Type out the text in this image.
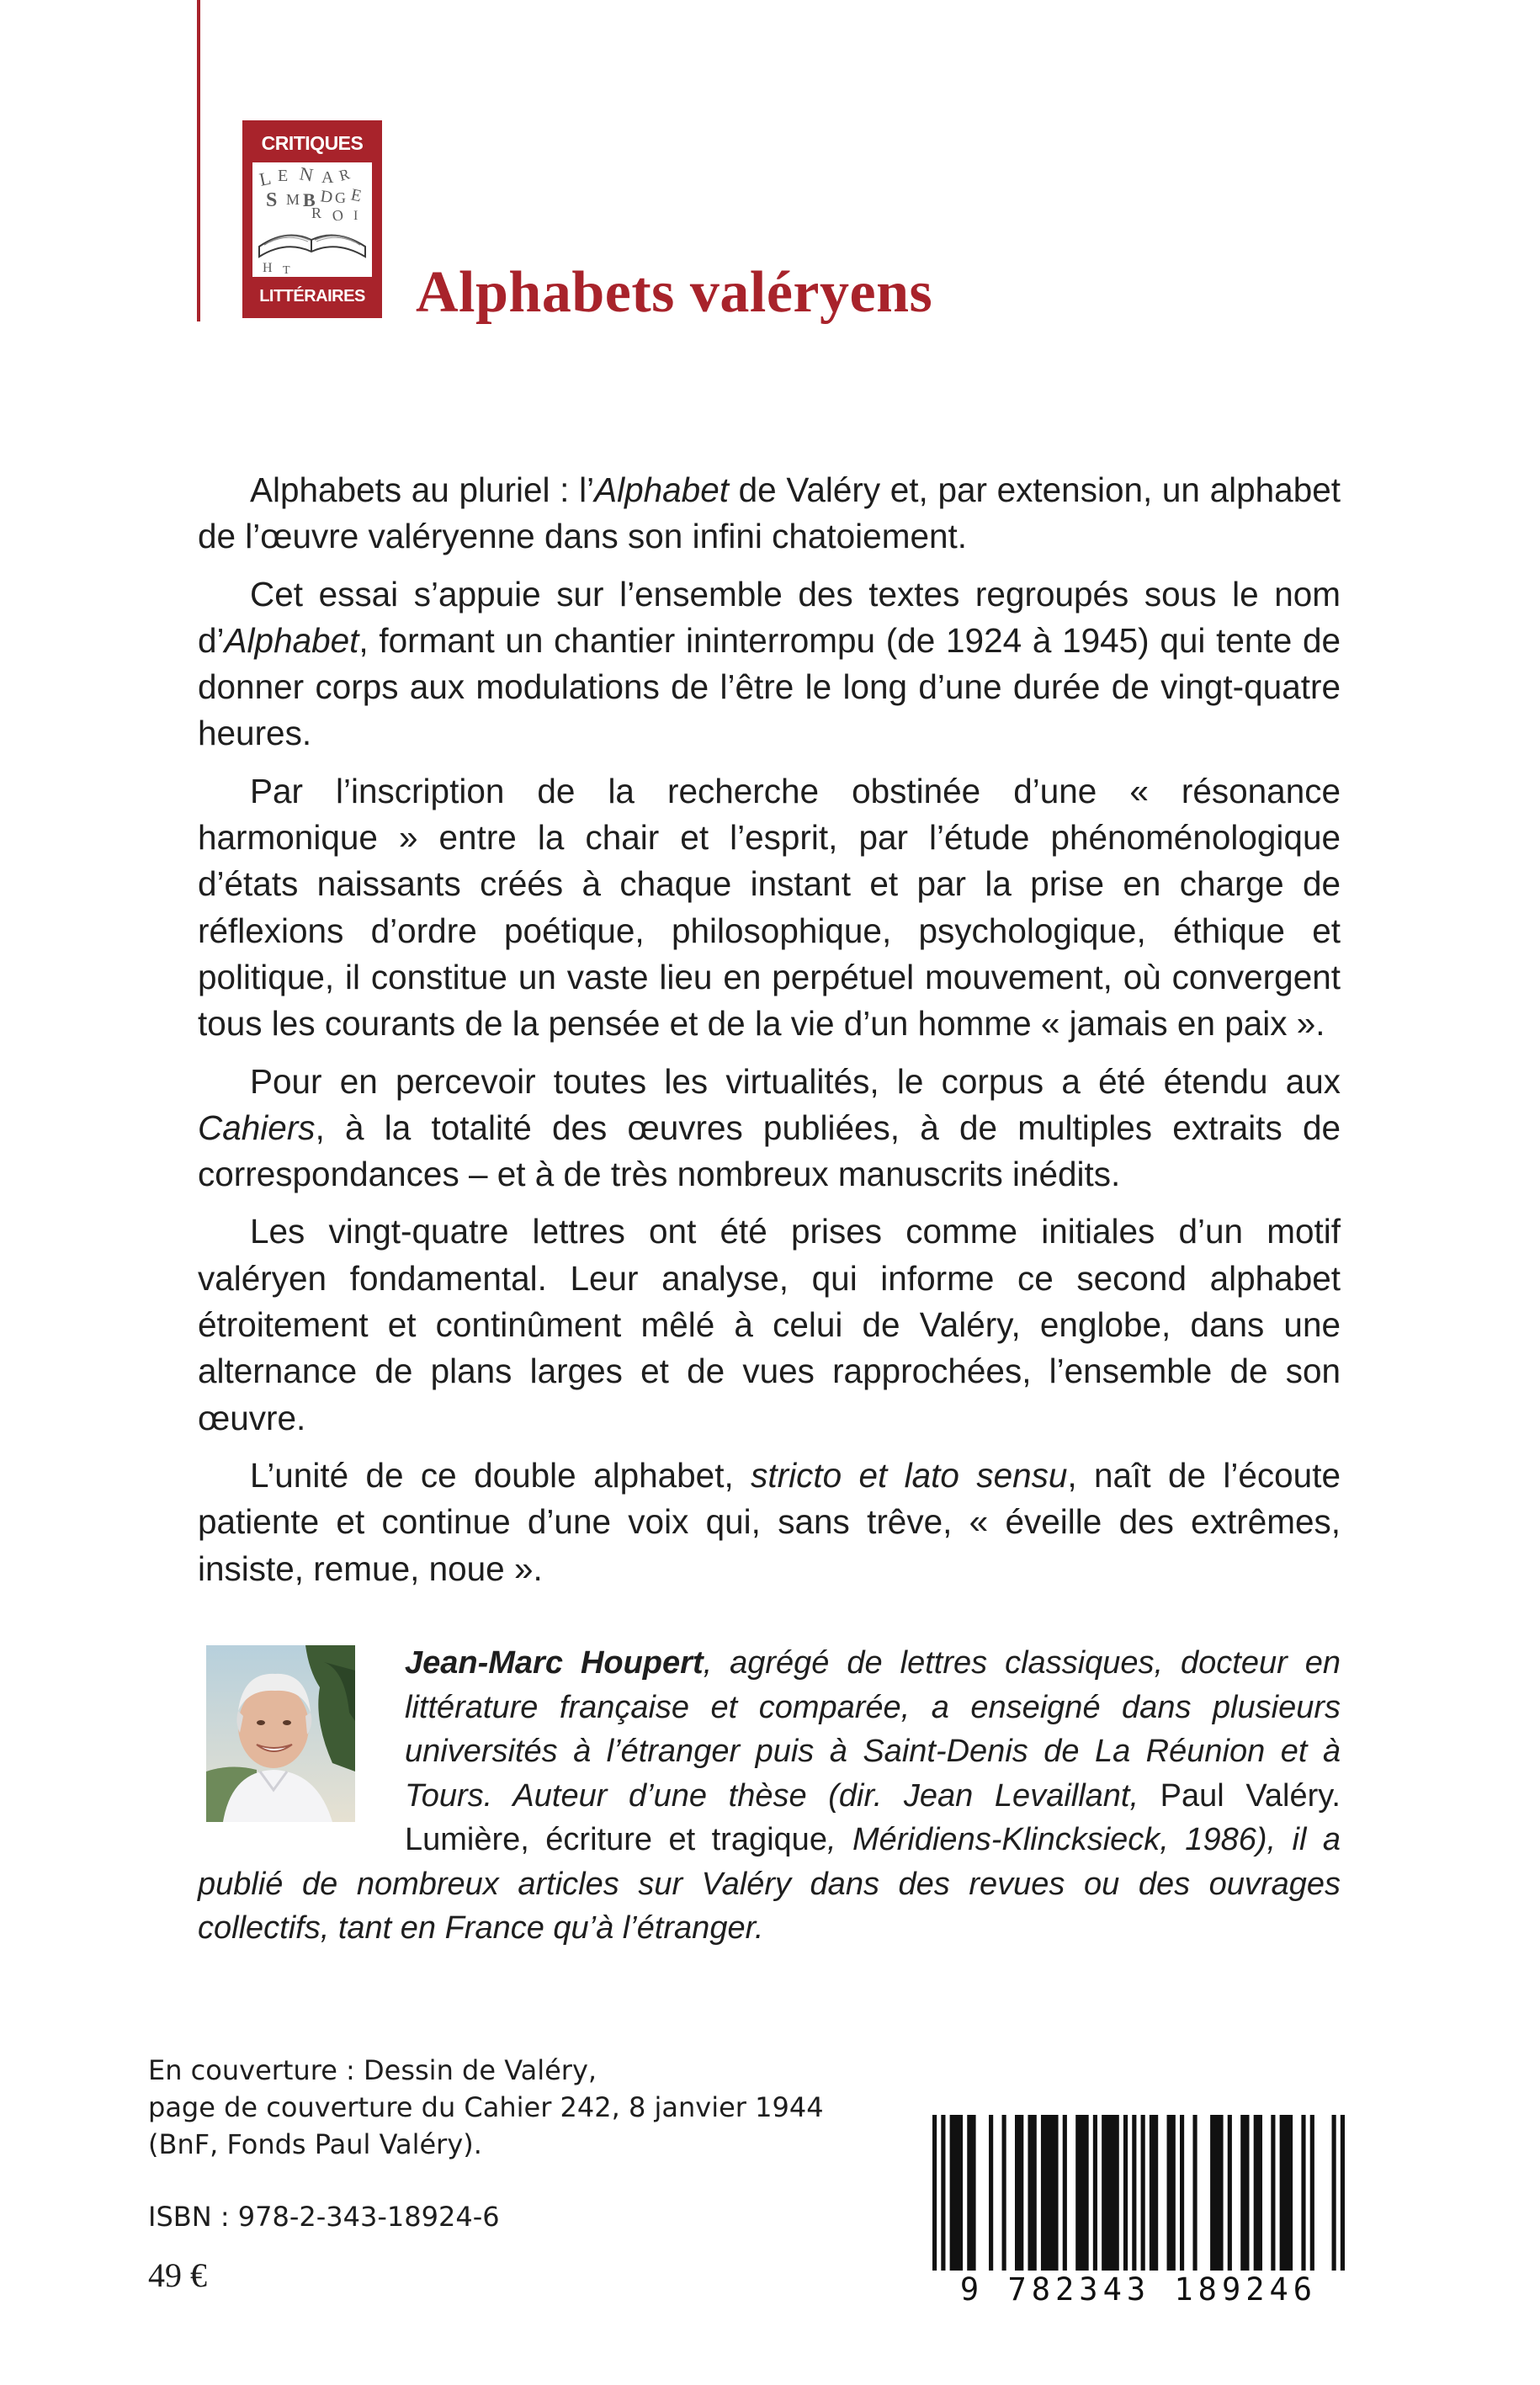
CRITIQUES
L E N A R
S M B D G E
R O I
H T
LITTÉRAIRES Alphabets valéryens

Alphabets au pluriel : l’Alphabet de Valéry et, par extension, un alphabet de l’œuvre valéryenne dans son infini chatoiement.

Cet essai s’appuie sur l’ensemble des textes regroupés sous le nom d’Alphabet, formant un chantier ininterrompu (de 1924 à 1945) qui tente de donner corps aux modulations de l’être le long d’une durée de vingt-quatre heures.

Par l’inscription de la recherche obstinée d’une « résonance harmonique » entre la chair et l’esprit, par l’étude phénoménologique d’états naissants créés à chaque instant et par la prise en charge de réflexions d’ordre poétique, philosophique, psychologique, éthique et politique, il constitue un vaste lieu en perpétuel mouvement, où convergent tous les courants de la pensée et de la vie d’un homme « jamais en paix ».

Pour en percevoir toutes les virtualités, le corpus a été étendu aux Cahiers, à la totalité des œuvres publiées, à de multiples extraits de correspondances – et à de très nombreux manuscrits inédits.

Les vingt-quatre lettres ont été prises comme initiales d’un motif valéryen fondamental. Leur analyse, qui informe ce second alphabet étroitement et continûment mêlé à celui de Valéry, englobe, dans une alternance de plans larges et de vues rapprochées, l’ensemble de son œuvre.

L’unité de ce double alphabet, stricto et lato sensu, naît de l’écoute patiente et continue d’une voix qui, sans trêve, « éveille des extrêmes, insiste, remue, noue ».

Jean-Marc Houpert, agrégé de lettres classiques, docteur en littérature française et comparée, a enseigné dans plusieurs universités à l’étranger puis à Saint-Denis de La Réunion et à Tours. Auteur d’une thèse (dir. Jean Levaillant, Paul Valéry. Lumière, écriture et tragique, Méridiens-Klincksieck, 1986), il a publié de nombreux articles sur Valéry dans des revues ou des ouvrages collectifs, tant en France qu’à l’étranger.
En couverture : Dessin de Valéry,
page de couverture du Cahier 242, 8 janvier 1944
(BnF, Fonds Paul Valéry).
ISBN : 978-2-343-18924-6
49 €	9 782343 189246
